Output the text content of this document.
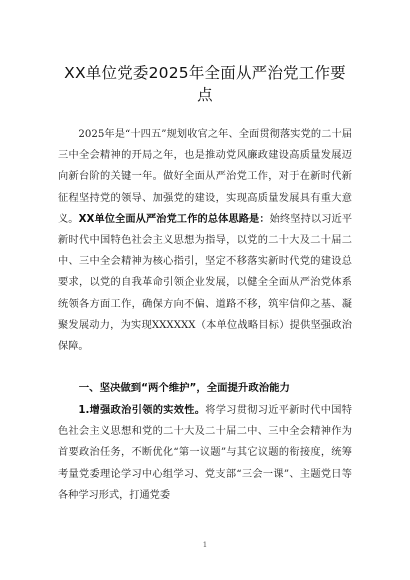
XX单位党委2025年全面从严治党工作要点
2025年是“十四五”规划收官之年、全面贯彻落实党的二十届三中全会精神的开局之年，也是推动党风廉政建设高质量发展迈向新台阶的关键一年。做好全面从严治党工作，对于在新时代新征程坚持党的领导、加强党的建设，实现高质量发展具有重大意义。XX单位全面从严治党工作的总体思路是：始终坚持以习近平新时代中国特色社会主义思想为指导，以党的二十大及二十届二中、三中全会精神为核心指引，坚定不移落实新时代党的建设总要求，以党的自我革命引领企业发展，以健全全面从严治党体系统领各方面工作，确保方向不偏、道路不移，筑牢信仰之基、凝聚发展动力，为实现XXXXXX（本单位战略目标）提供坚强政治保障。
一、坚决做到“两个维护”，全面提升政治能力
1.增强政治引领的实效性。将学习贯彻习近平新时代中国特色社会主义思想和党的二十大及二十届二中、三中全会精神作为首要政治任务，不断优化“第一议题”与其它议题的衔接度，统筹考量党委理论学习中心组学习、党支部“三会一课”、主题党日等各种学习形式，打通党委
1
